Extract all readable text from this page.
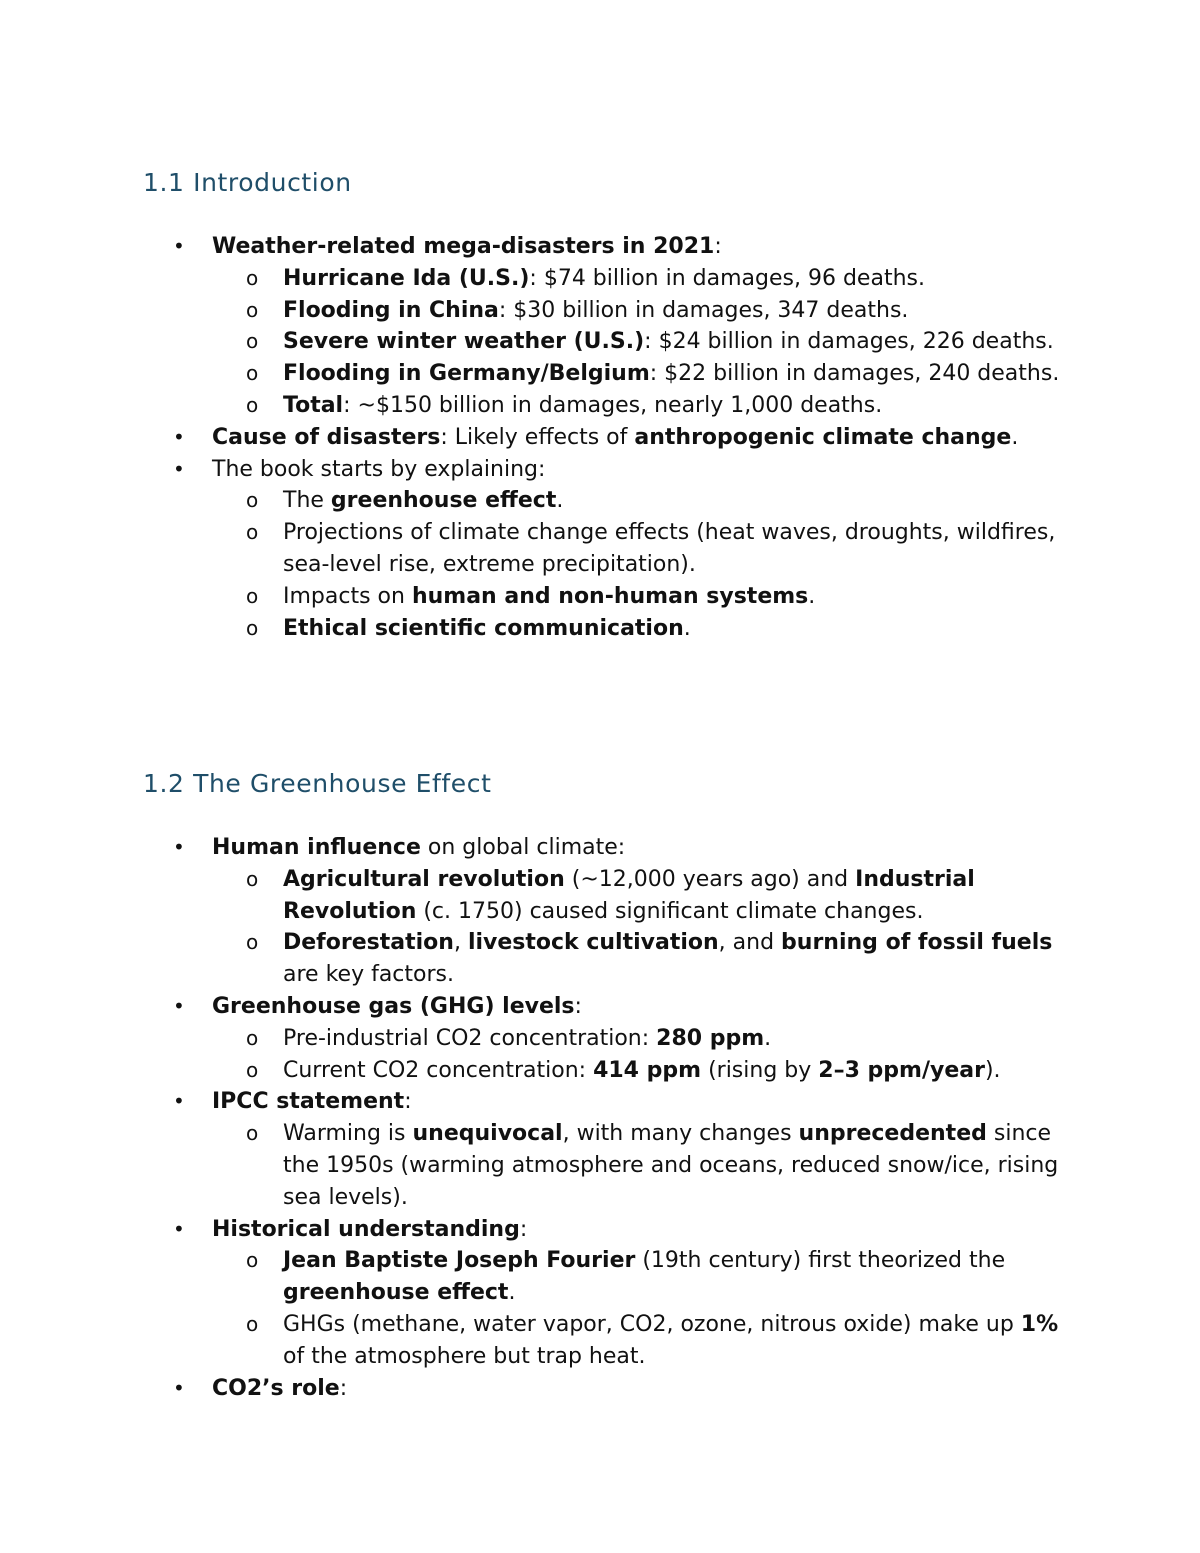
1.1 Introduction
• Weather-related mega-disasters in 2021:
o Hurricane Ida (U.S.): $74 billion in damages, 96 deaths.
o Flooding in China: $30 billion in damages, 347 deaths.
o Severe winter weather (U.S.): $24 billion in damages, 226 deaths.
o Flooding in Germany/Belgium: $22 billion in damages, 240 deaths.
o Total: ~$150 billion in damages, nearly 1,000 deaths.
• Cause of disasters: Likely effects of anthropogenic climate change.
• The book starts by explaining:
o The greenhouse effect.
o Projections of climate change effects (heat waves, droughts, wildfires, sea-level rise, extreme precipitation).
o Impacts on human and non-human systems.
o Ethical scientific communication.
1.2 The Greenhouse Effect
• Human influence on global climate:
o Agricultural revolution (~12,000 years ago) and Industrial Revolution (c. 1750) caused significant climate changes.
o Deforestation, livestock cultivation, and burning of fossil fuels are key factors.
• Greenhouse gas (GHG) levels:
o Pre-industrial CO2 concentration: 280 ppm.
o Current CO2 concentration: 414 ppm (rising by 2–3 ppm/year).
• IPCC statement:
o Warming is unequivocal, with many changes unprecedented since the 1950s (warming atmosphere and oceans, reduced snow/ice, rising sea levels).
• Historical understanding:
o Jean Baptiste Joseph Fourier (19th century) first theorized the greenhouse effect.
o GHGs (methane, water vapor, CO2, ozone, nitrous oxide) make up 1% of the atmosphere but trap heat.
• CO2’s role:
